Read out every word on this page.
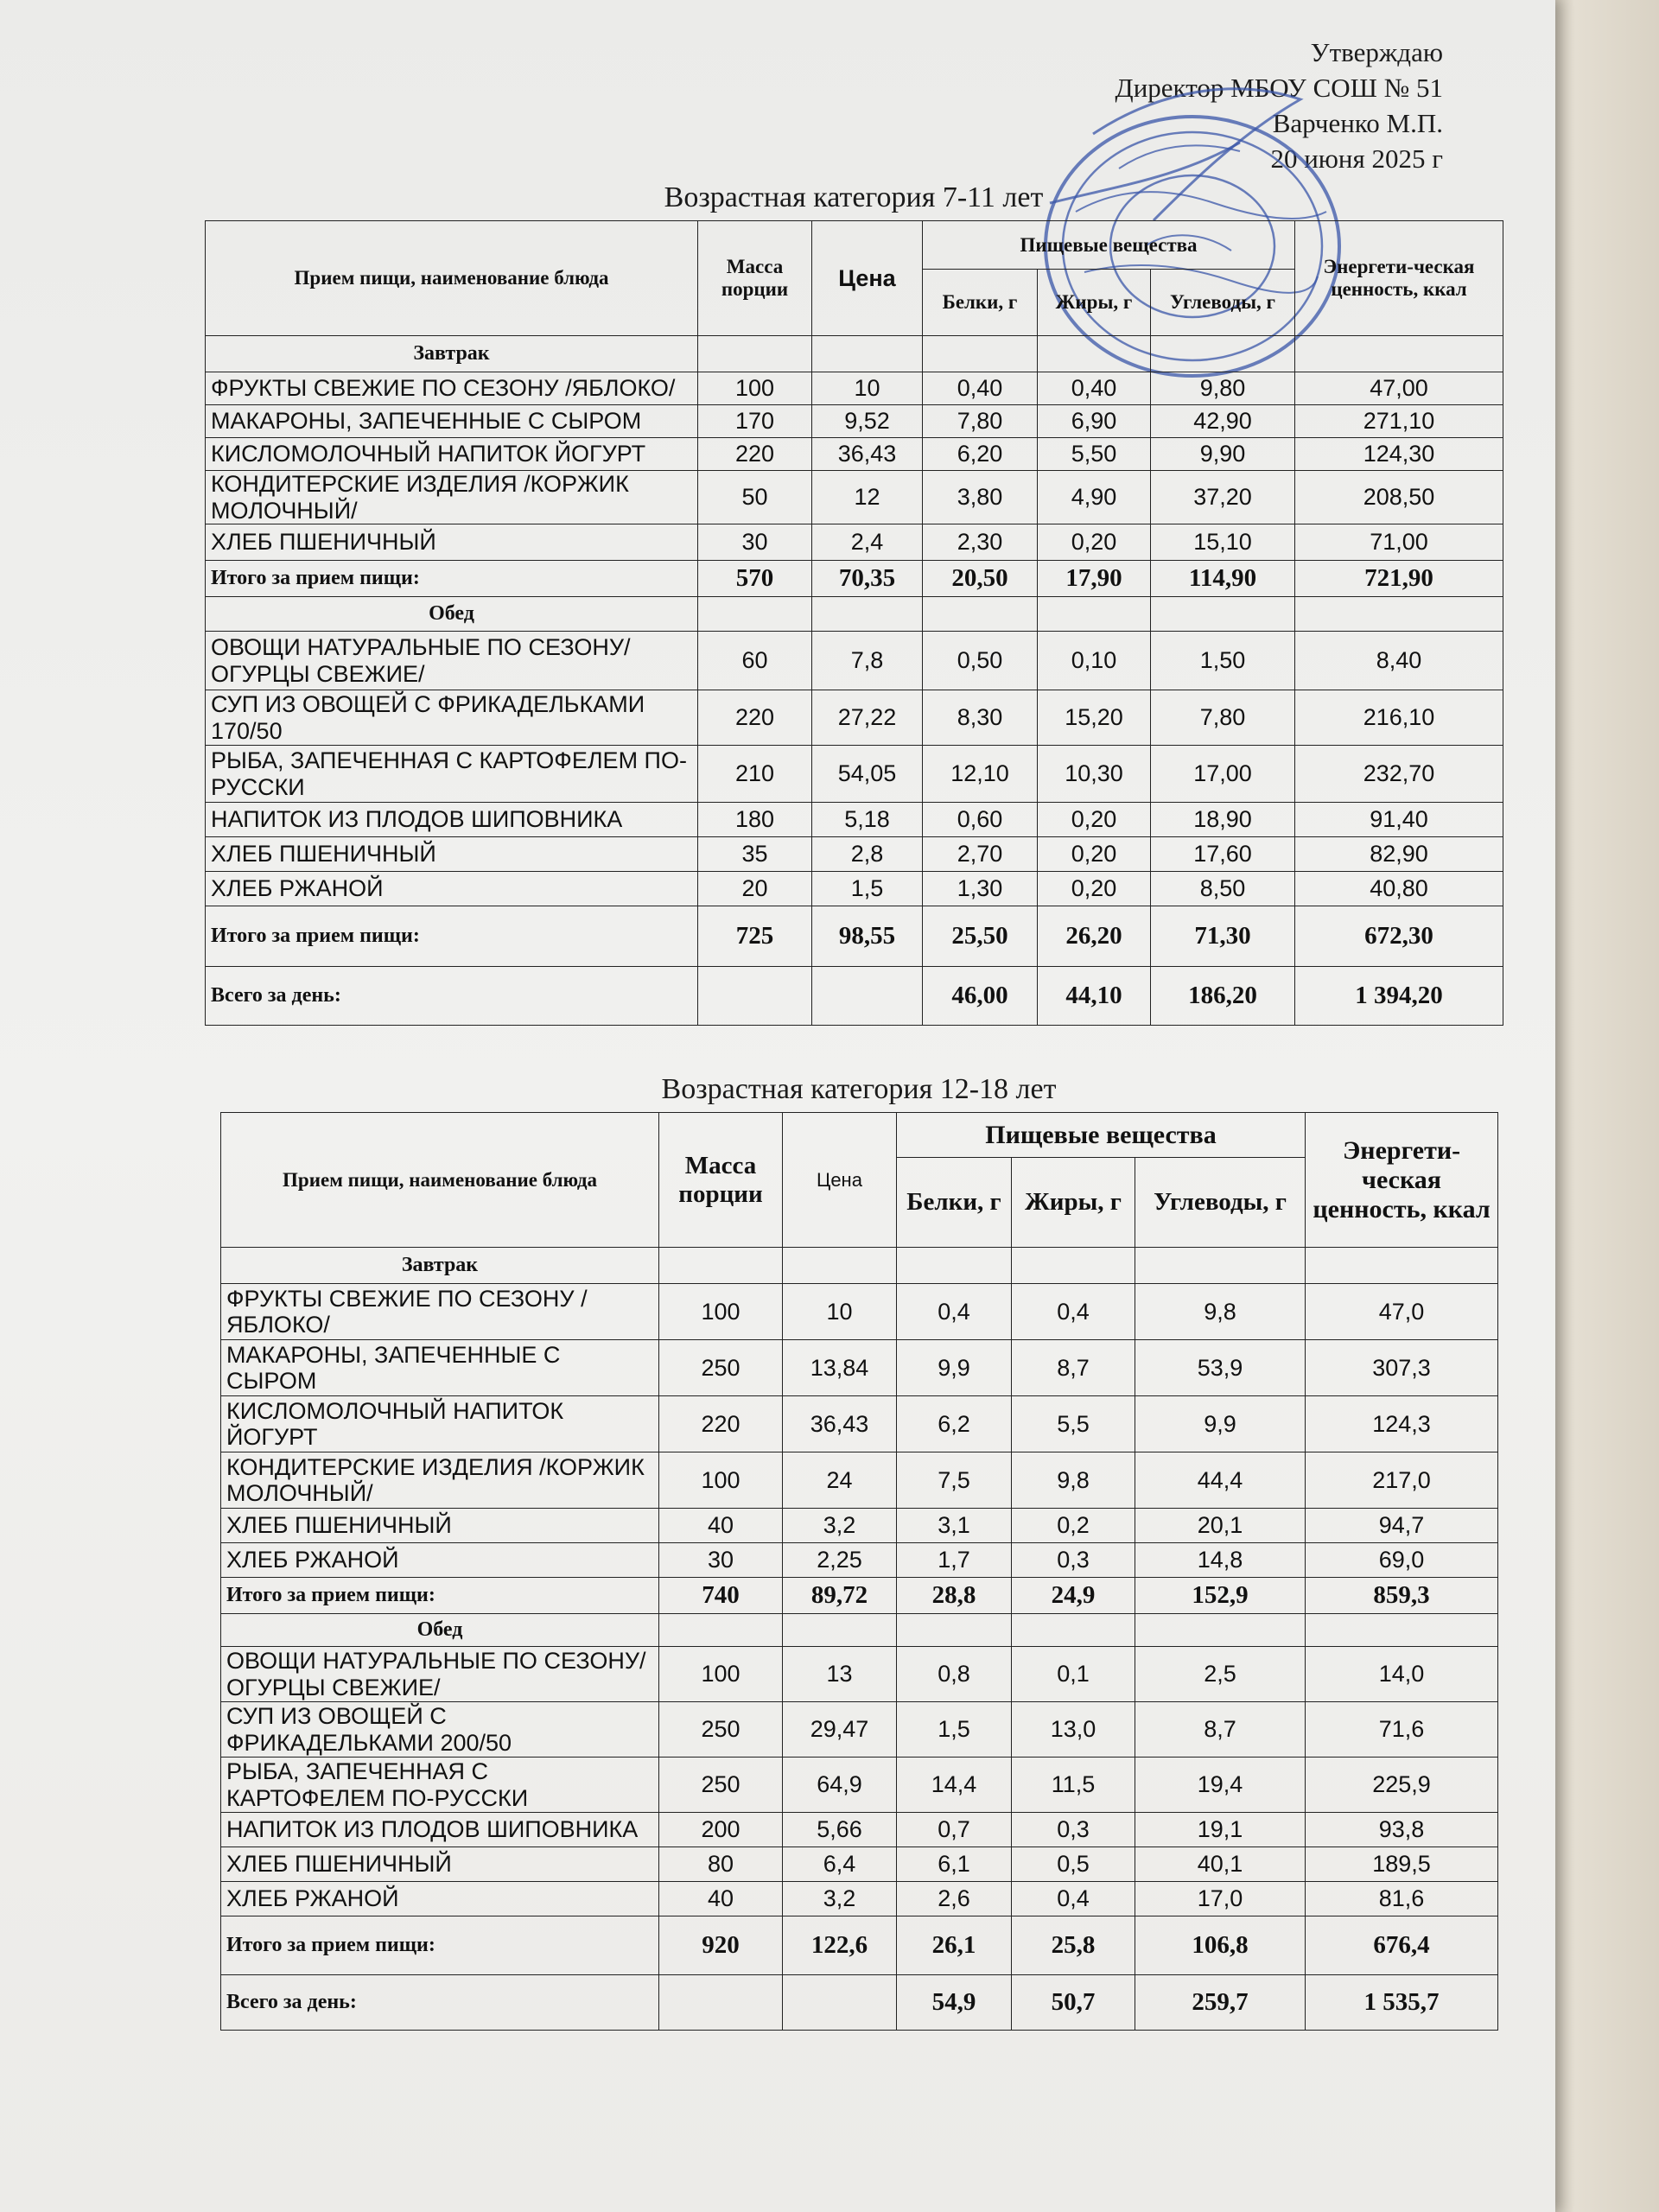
Утверждаю
Директор МБОУ СОШ № 51
Варченко М.П.
20 июня 2025 г
Возрастная категория 7-11 лет
Прием пищи, наименование блюда	Масса порции	Цена	Пищевые вещества			Энергети-ческая ценность, ккал
			Белки, г	Жиры, г	Углеводы, г	
Завтрак						
ФРУКТЫ СВЕЖИЕ ПО СЕЗОНУ /ЯБЛОКО/	100	10	0,40	0,40	9,80	47,00
МАКАРОНЫ, ЗАПЕЧЕННЫЕ С СЫРОМ	170	9,52	7,80	6,90	42,90	271,10
КИСЛОМОЛОЧНЫЙ НАПИТОК ЙОГУРТ	220	36,43	6,20	5,50	9,90	124,30
КОНДИТЕРСКИЕ ИЗДЕЛИЯ /КОРЖИК МОЛОЧНЫЙ/	50	12	3,80	4,90	37,20	208,50
ХЛЕБ ПШЕНИЧНЫЙ	30	2,4	2,30	0,20	15,10	71,00
Итого за прием пищи:	570	70,35	20,50	17,90	114,90	721,90
Обед						
ОВОЩИ НАТУРАЛЬНЫЕ ПО СЕЗОНУ/ ОГУРЦЫ СВЕЖИЕ/	60	7,8	0,50	0,10	1,50	8,40
СУП ИЗ ОВОЩЕЙ С ФРИКАДЕЛЬКАМИ 170/50	220	27,22	8,30	15,20	7,80	216,10
РЫБА, ЗАПЕЧЕННАЯ С КАРТОФЕЛЕМ ПО-РУССКИ	210	54,05	12,10	10,30	17,00	232,70
НАПИТОК ИЗ ПЛОДОВ ШИПОВНИКА	180	5,18	0,60	0,20	18,90	91,40
ХЛЕБ ПШЕНИЧНЫЙ	35	2,8	2,70	0,20	17,60	82,90
ХЛЕБ РЖАНОЙ	20	1,5	1,30	0,20	8,50	40,80
Итого за прием пищи:	725	98,55	25,50	26,20	71,30	672,30
Всего за день:			46,00	44,10	186,20	1 394,20
Возрастная категория 12-18 лет
Прием пищи, наименование блюда	Масса порции	Цена	Пищевые вещества			Энергети-ческая ценность, ккал
			Белки, г	Жиры, г	Углеводы, г	
Завтрак						
ФРУКТЫ СВЕЖИЕ ПО СЕЗОНУ /ЯБЛОКО/	100	10	0,4	0,4	9,8	47,0
МАКАРОНЫ, ЗАПЕЧЕННЫЕ С СЫРОМ	250	13,84	9,9	8,7	53,9	307,3
КИСЛОМОЛОЧНЫЙ НАПИТОК ЙОГУРТ	220	36,43	6,2	5,5	9,9	124,3
КОНДИТЕРСКИЕ ИЗДЕЛИЯ /КОРЖИК МОЛОЧНЫЙ/	100	24	7,5	9,8	44,4	217,0
ХЛЕБ ПШЕНИЧНЫЙ	40	3,2	3,1	0,2	20,1	94,7
ХЛЕБ РЖАНОЙ	30	2,25	1,7	0,3	14,8	69,0
Итого за прием пищи:	740	89,72	28,8	24,9	152,9	859,3
Обед						
ОВОЩИ НАТУРАЛЬНЫЕ ПО СЕЗОНУ/ ОГУРЦЫ СВЕЖИЕ/	100	13	0,8	0,1	2,5	14,0
СУП ИЗ ОВОЩЕЙ С ФРИКАДЕЛЬКАМИ 200/50	250	29,47	1,5	13,0	8,7	71,6
РЫБА, ЗАПЕЧЕННАЯ С КАРТОФЕЛЕМ ПО-РУССКИ	250	64,9	14,4	11,5	19,4	225,9
НАПИТОК ИЗ ПЛОДОВ ШИПОВНИКА	200	5,66	0,7	0,3	19,1	93,8
ХЛЕБ ПШЕНИЧНЫЙ	80	6,4	6,1	0,5	40,1	189,5
ХЛЕБ РЖАНОЙ	40	3,2	2,6	0,4	17,0	81,6
Итого за прием пищи:	920	122,6	26,1	25,8	106,8	676,4
Всего за день:			54,9	50,7	259,7	1 535,7
